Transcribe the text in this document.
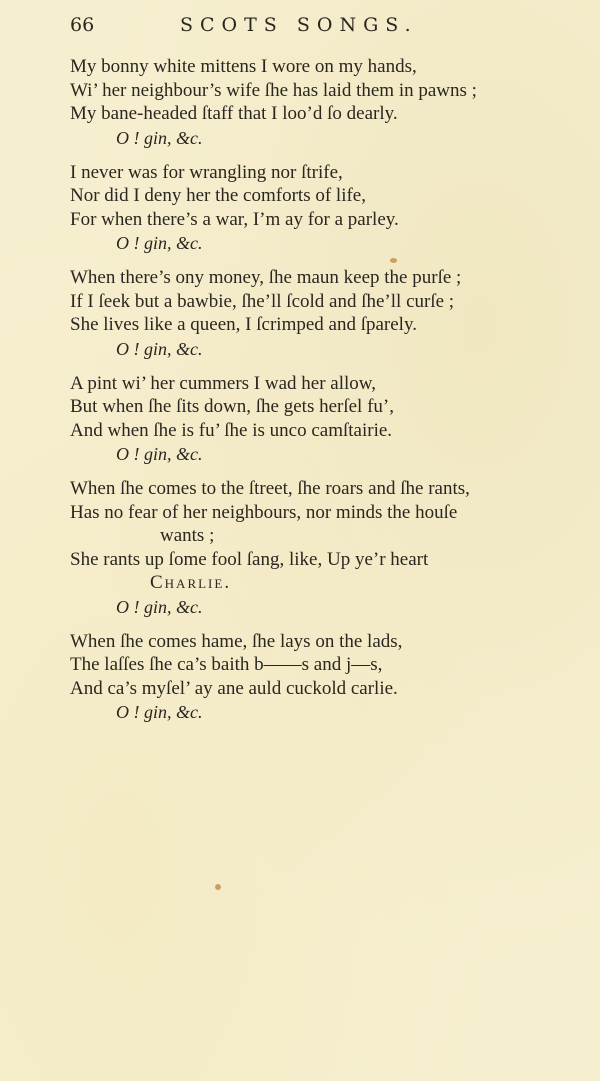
66	SCOTS SONGS.
My bonny white mittens I wore on my hands,
Wi’ her neighbour’s wife ſhe has laid them in pawns ;
My bane-headed ſtaff that I loo’d ſo dearly.
O ! gin, &c.
I never was for wrangling nor ſtrife,
Nor did I deny her the comforts of life,
For when there’s a war, I’m ay for a parley.
O ! gin, &c.
When there’s ony money, ſhe maun keep the purſe ;
If I ſeek but a bawbie, ſhe’ll ſcold and ſhe’ll curſe ;
She lives like a queen, I ſcrimped and ſparely.
O ! gin, &c.
A pint wi’ her cummers I wad her allow,
But when ſhe ſits down, ſhe gets herſel fu’,
And when ſhe is fu’ ſhe is unco camſtairie.
O ! gin, &c.
When ſhe comes to the ſtreet, ſhe roars and ſhe rants,
Has no fear of her neighbours, nor minds the houſe
wants ;
She rants up ſome fool ſang, like, Up ye’r heart
Charlie.
O ! gin, &c.
When ſhe comes hame, ſhe lays on the lads,
The laſſes ſhe ca’s baith b——s and j—s,
And ca’s myſel’ ay ane auld cuckold carlie.
O ! gin, &c.
